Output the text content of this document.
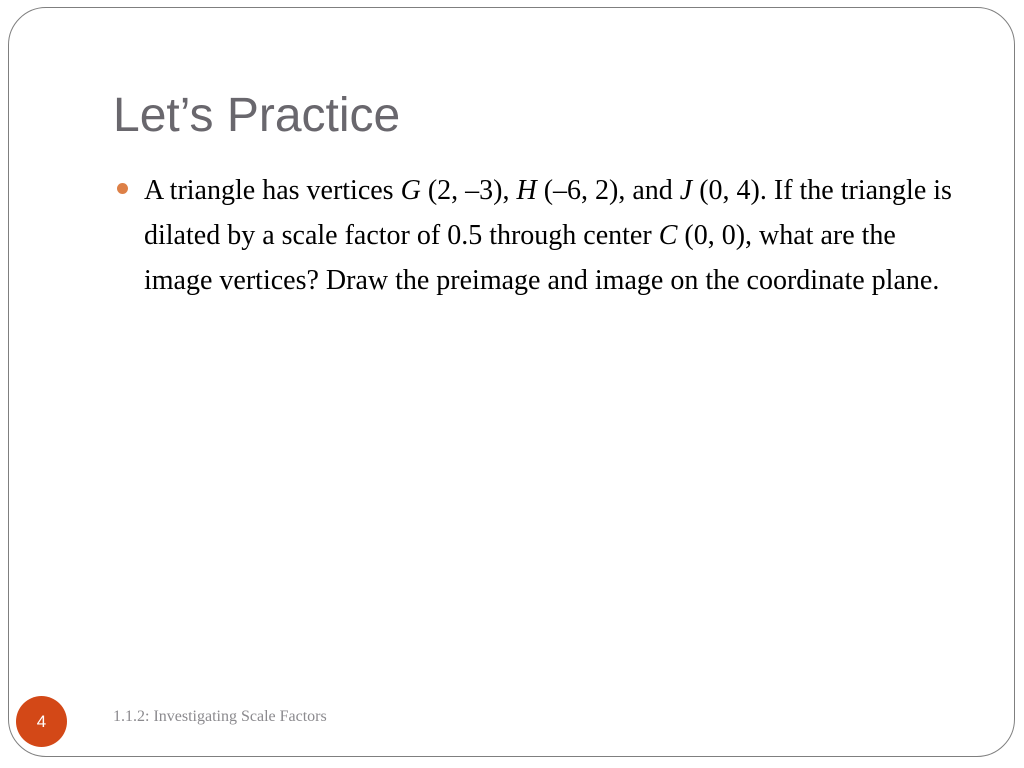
Let’s Practice
A triangle has vertices G (2, –3), H (–6, 2), and J (0, 4). If the triangle is dilated by a scale factor of 0.5 through center C (0, 0), what are the image vertices? Draw the preimage and image on the coordinate plane.
4	1.1.2: Investigating Scale Factors
